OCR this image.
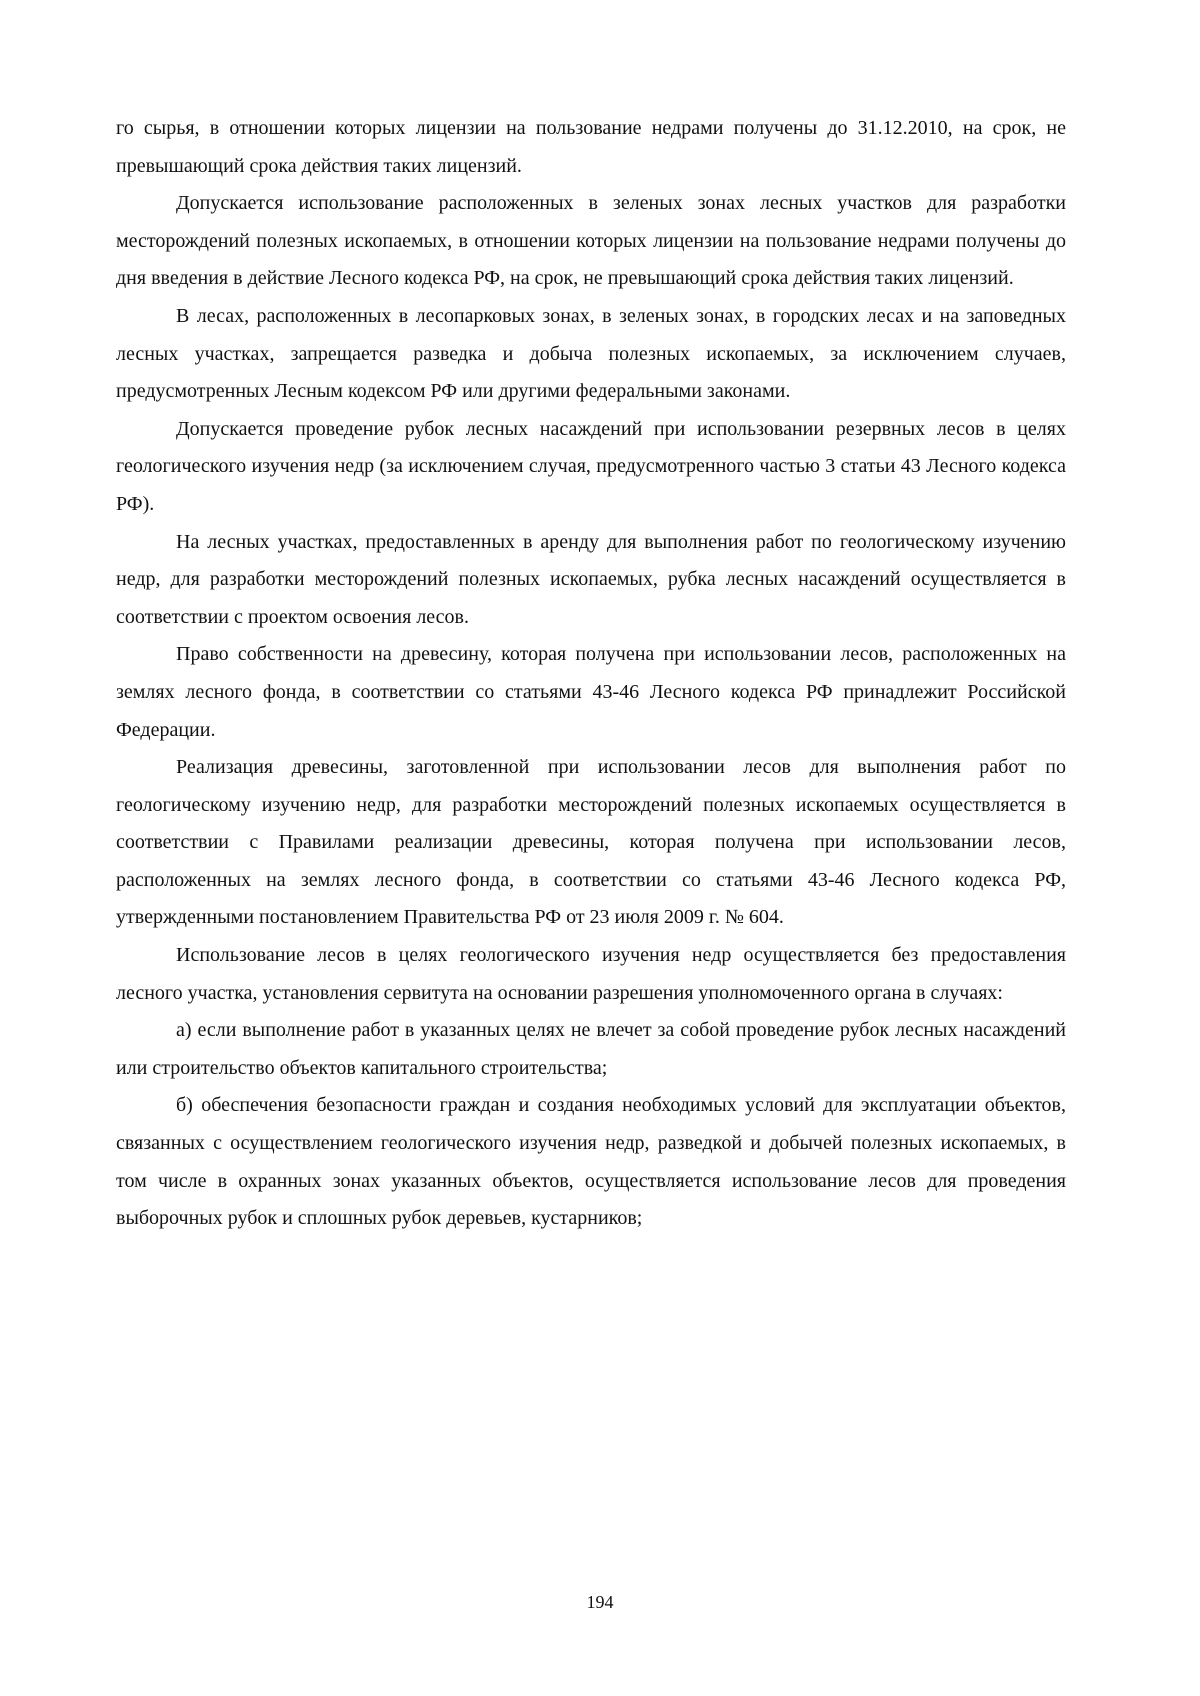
го сырья, в отношении которых лицензии на пользование недрами получены до 31.12.2010, на срок, не превышающий срока действия таких лицензий.

Допускается использование расположенных в зеленых зонах лесных участков для разработки месторождений полезных ископаемых, в отношении которых лицензии на пользование недрами получены до дня введения в действие Лесного кодекса РФ, на срок, не превышающий срока действия таких лицензий.

В лесах, расположенных в лесопарковых зонах, в зеленых зонах, в городских лесах и на заповедных лесных участках, запрещается разведка и добыча полезных ископаемых, за исключением случаев, предусмотренных Лесным кодексом РФ или другими федеральными законами.

Допускается проведение рубок лесных насаждений при использовании резервных лесов в целях геологического изучения недр (за исключением случая, предусмотренного частью 3 статьи 43 Лесного кодекса РФ).

На лесных участках, предоставленных в аренду для выполнения работ по геологическому изучению недр, для разработки месторождений полезных ископаемых, рубка лесных насаждений осуществляется в соответствии с проектом освоения лесов.

Право собственности на древесину, которая получена при использовании лесов, расположенных на землях лесного фонда, в соответствии со статьями 43-46 Лесного кодекса РФ принадлежит Российской Федерации.

Реализация древесины, заготовленной при использовании лесов для выполнения работ по геологическому изучению недр, для разработки месторождений полезных ископаемых осуществляется в соответствии с Правилами реализации древесины, которая получена при использовании лесов, расположенных на землях лесного фонда, в соответствии со статьями 43-46 Лесного кодекса РФ, утвержденными постановлением Правительства РФ от 23 июля 2009 г. № 604.

Использование лесов в целях геологического изучения недр осуществляется без предоставления лесного участка, установления сервитута на основании разрешения уполномоченного органа в случаях:

а) если выполнение работ в указанных целях не влечет за собой проведение рубок лесных насаждений или строительство объектов капитального строительства;

б) обеспечения безопасности граждан и создания необходимых условий для эксплуатации объектов, связанных с осуществлением геологического изучения недр, разведкой и добычей полезных ископаемых, в том числе в охранных зонах указанных объектов, осуществляется использование лесов для проведения выборочных рубок и сплошных рубок деревьев, кустарников;

194
